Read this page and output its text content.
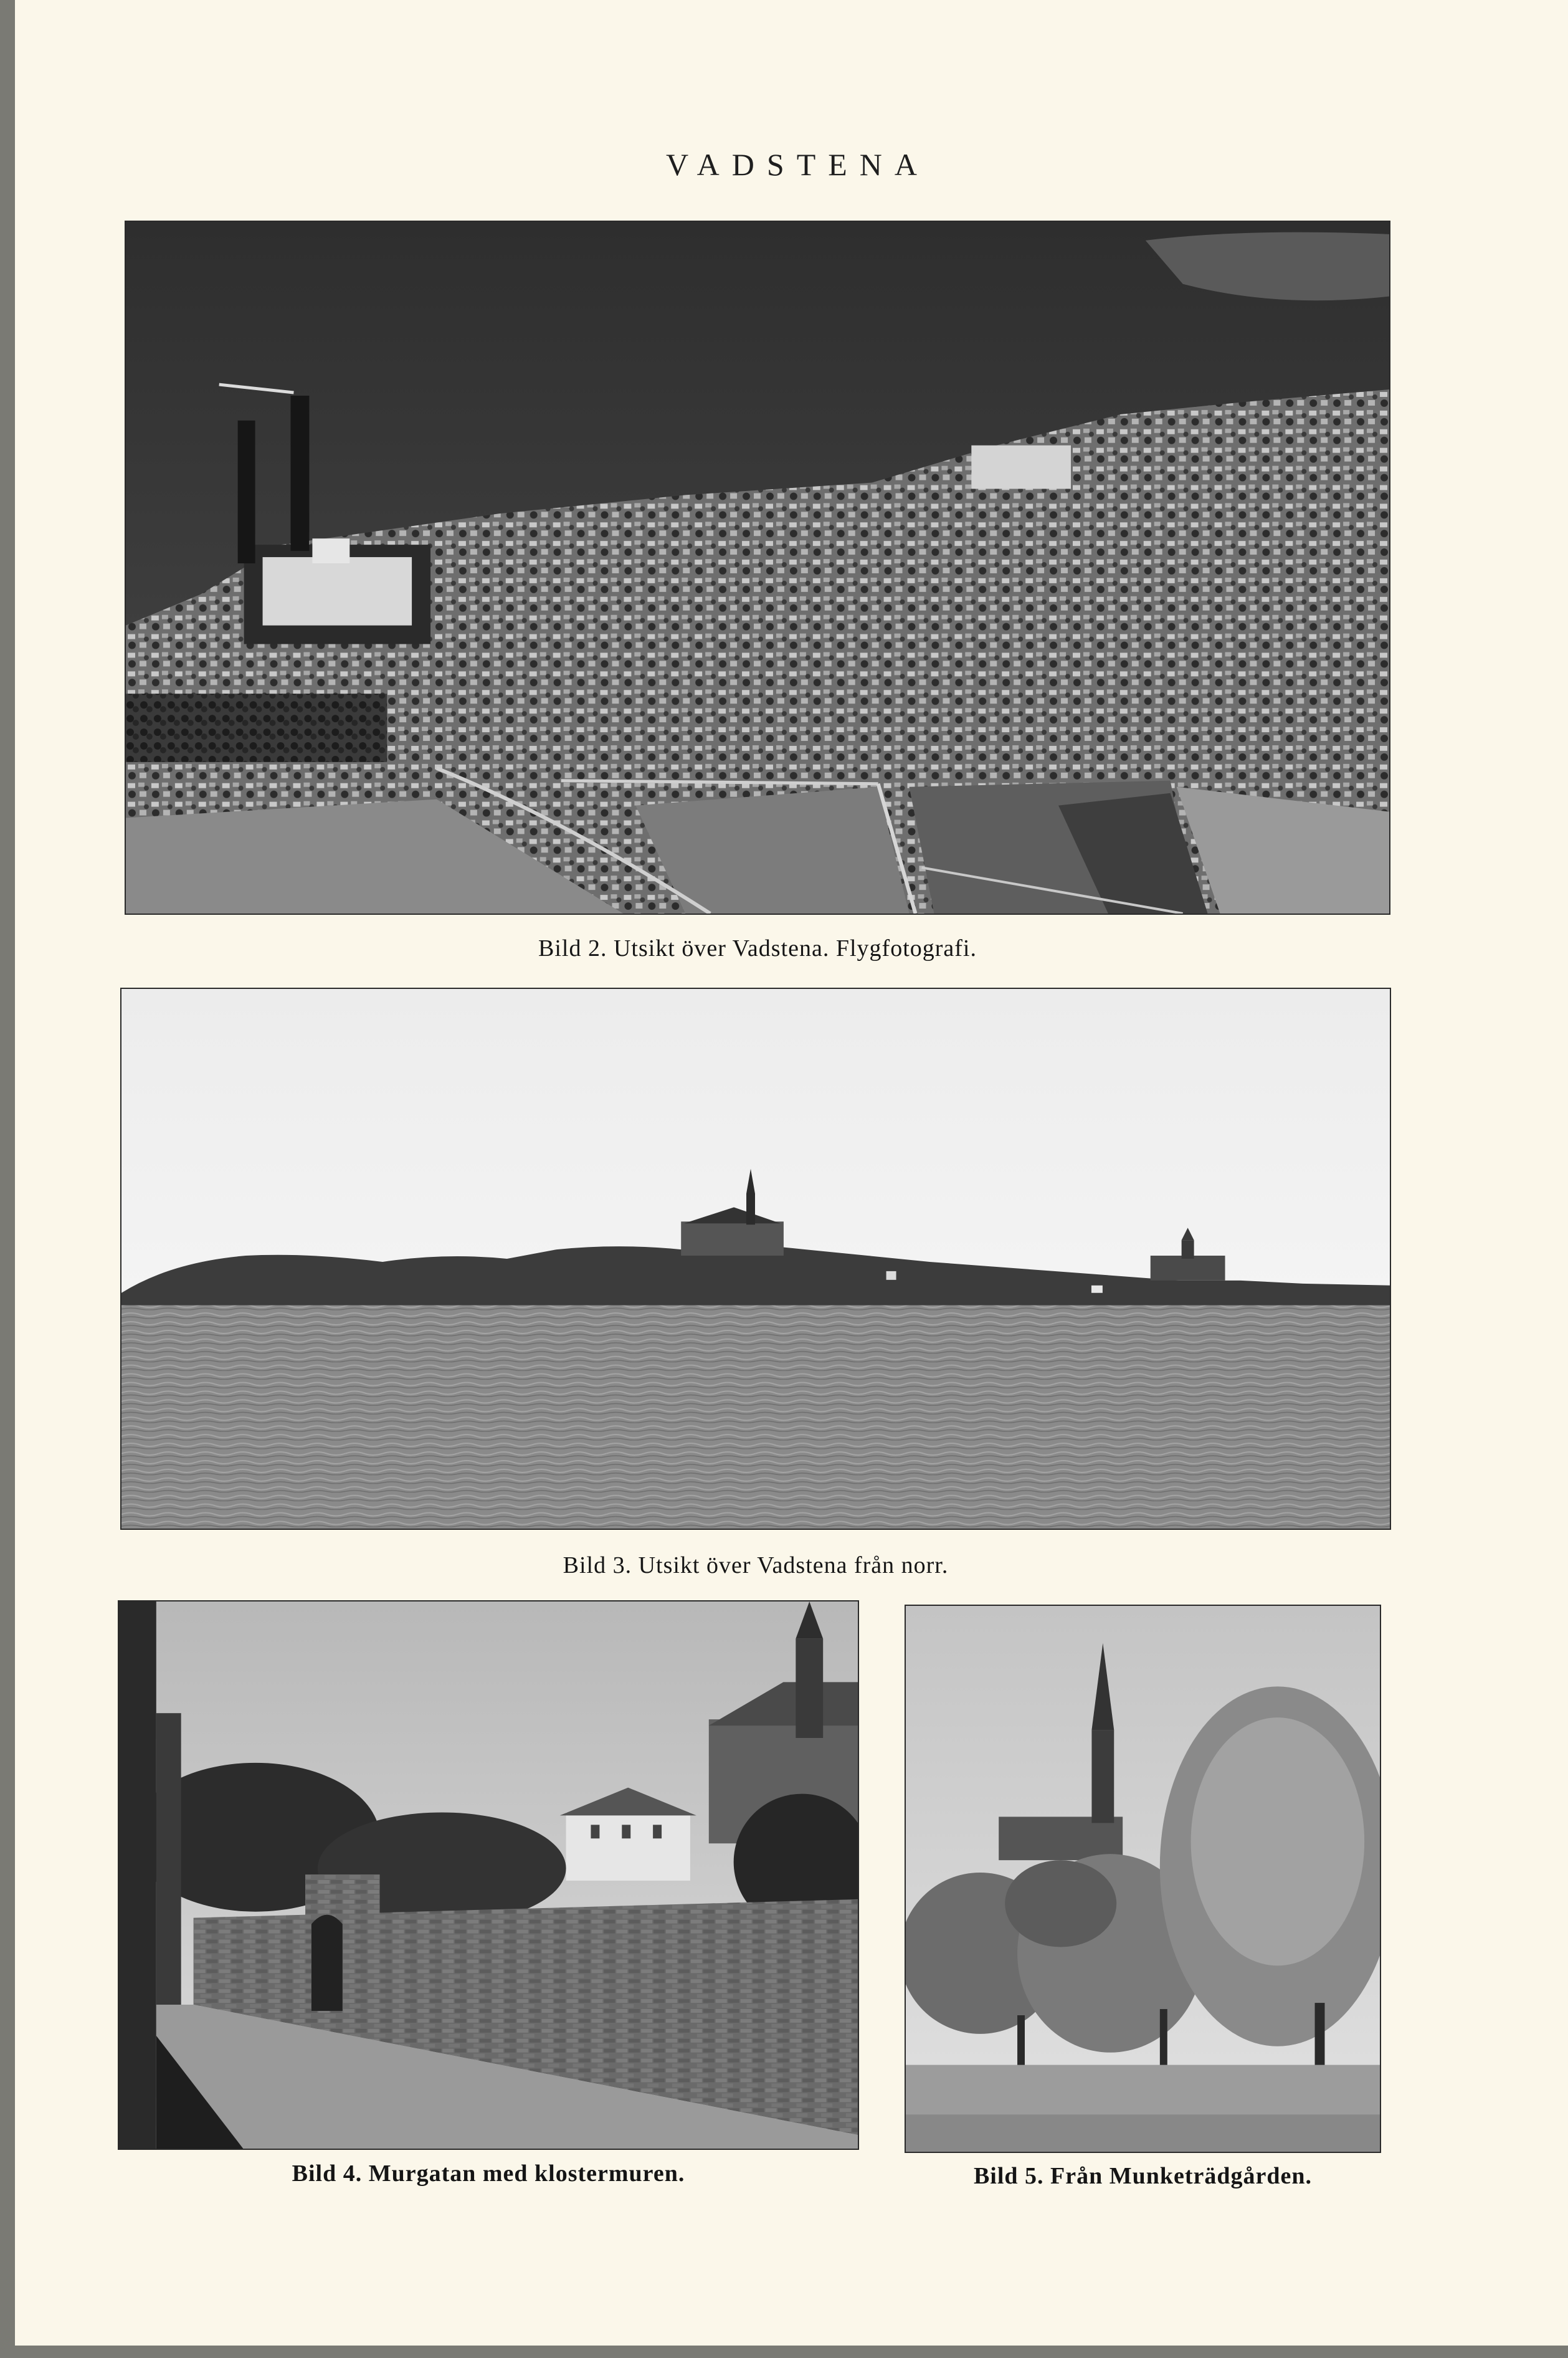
VADSTENA
Bild 2. Utsikt över Vadstena. Flygfotografi.
Bild 3. Utsikt över Vadstena från norr.
Bild 4. Murgatan med klostermuren.	Bild 5. Från Munketrädgården.
